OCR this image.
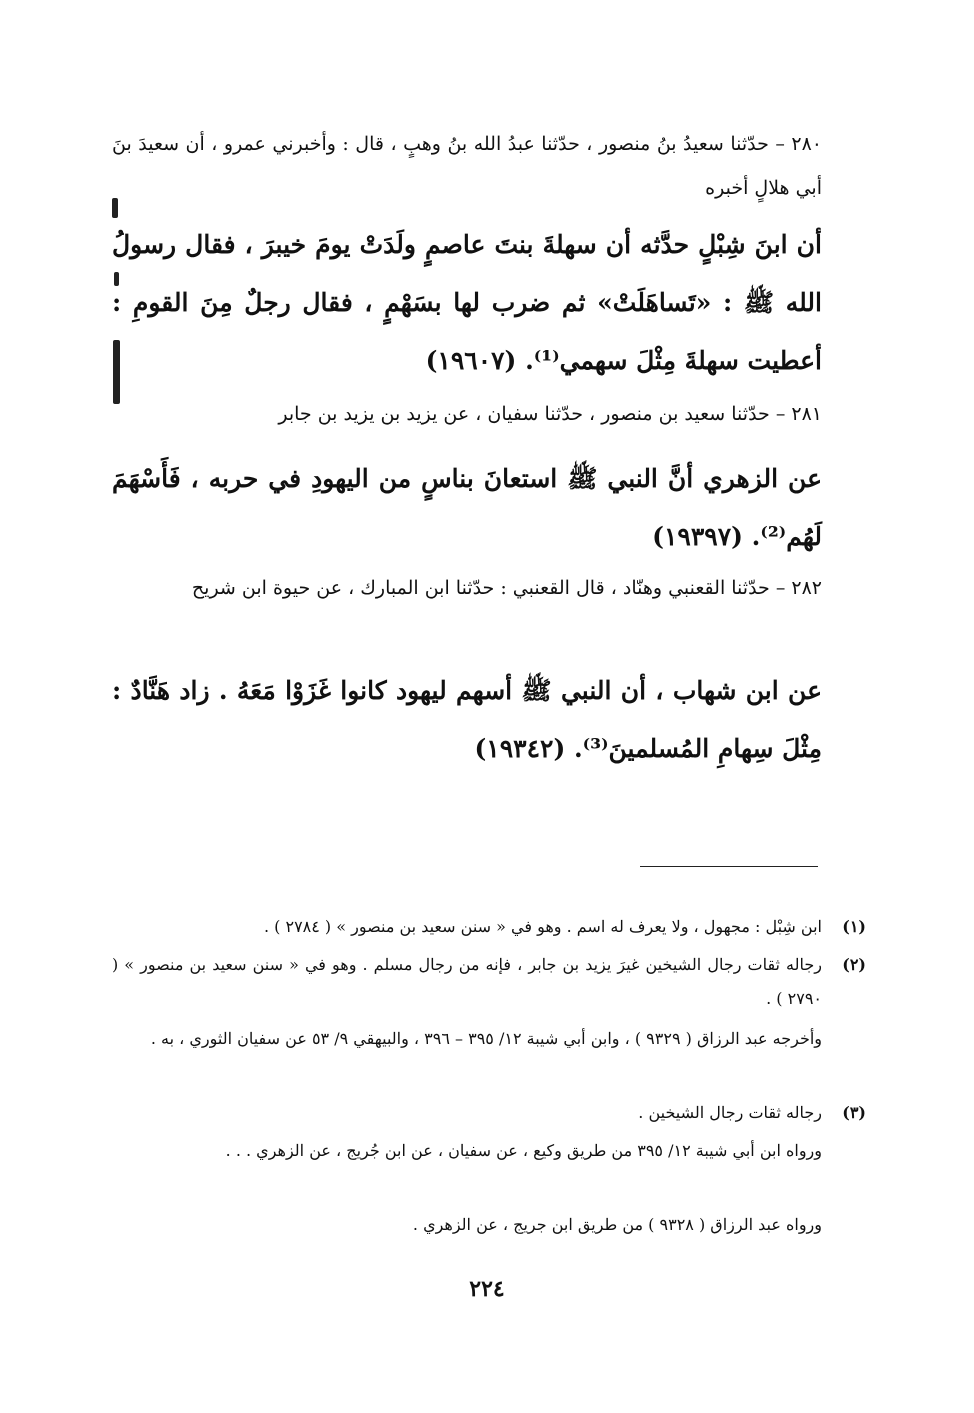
٢٨٠ – حدّثنا سعيدُ بنُ منصور ، حدّثنا عبدُ الله بنُ وهبٍ ، قال : وأخبرني عمرو ، أن سعيدَ بنَ أبي هلالٍ أخبره

أن ابنَ شِبْلٍ حدَّثه أن سهلةَ بنتَ عاصمٍ ولَدَتْ يومَ خيبرَ ، فقال رسولُ الله ﷺ : «تَساهَلَتْ» ثم ضرب لها بسَهْمٍ ، فقال رجلٌ مِنَ القومِ : أعطيت سهلةَ مِثْلَ سهمي⁽¹⁾. (١٩٦٠٧)

٢٨١ – حدّثنا سعيد بن منصور ، حدّثنا سفيان ، عن يزيد بن يزيد بن جابر

عن الزهري أنَّ النبي ﷺ استعانَ بناسٍ من اليهودِ في حربه ، فَأَسْهَمَ لَهُم⁽²⁾. (١٩٣٩٧)

٢٨٢ – حدّثنا القعنبي وهنّاد ، قال القعنبي : حدّثنا ابن المبارك ، عن حيوة ابن شريح

عن ابن شهاب ، أن النبي ﷺ أسهم ليهود كانوا غَزَوْا مَعَهُ . زاد هَنَّادٌ : مِثْلَ سِهامِ المُسلمينَ⁽³⁾. (١٩٣٤٢)

(١)
ابن شِبْل : مجهول ، ولا يعرف له اسم . وهو في « سنن سعيد بن منصور » ( ٢٧٨٤ ) .
(٢)
رجاله ثقات رجال الشيخين غيرَ يزيد بن جابر ، فإنه من رجال مسلم . وهو في « سنن سعيد بن منصور » ( ٢٧٩٠ ) .
وأخرجه عبد الرزاق ( ٩٣٢٩ ) ، وابن أبي شيبة ١٢/ ٣٩٥ – ٣٩٦ ، والبيهقي ٩/ ٥٣ عن سفيان الثوري ، به .
(٣)
رجاله ثقات رجال الشيخين .
ورواه ابن أبي شيبة ١٢/ ٣٩٥ من طريق وكيع ، عن سفيان ، عن ابن جُريج ، عن الزهري . . .
ورواه عبد الرزاق ( ٩٣٢٨ ) من طريق ابن جريج ، عن الزهري .
٢٢٤
